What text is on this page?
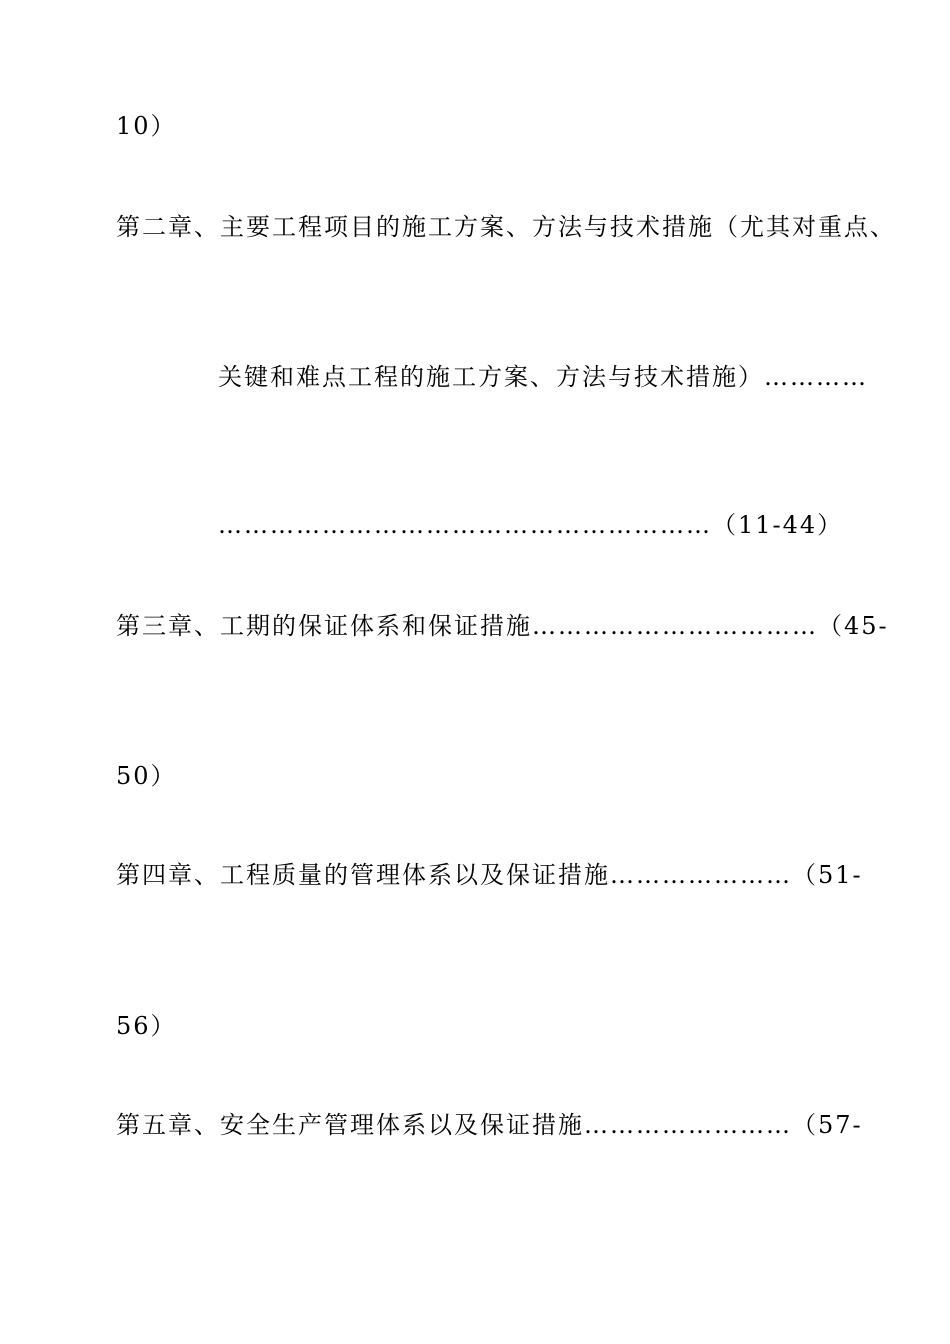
10）
第二章、主要工程项目的施工方案、方法与技术措施（尤其对重点、
关键和难点工程的施工方案、方法与技术措施）…………
…………………………………………………（11-44）
第三章、工期的保证体系和保证措施……………………………（45-
50）
第四章、工程质量的管理体系以及保证措施…………………（51-
56）
第五章、安全生产管理体系以及保证措施……………………（57-
